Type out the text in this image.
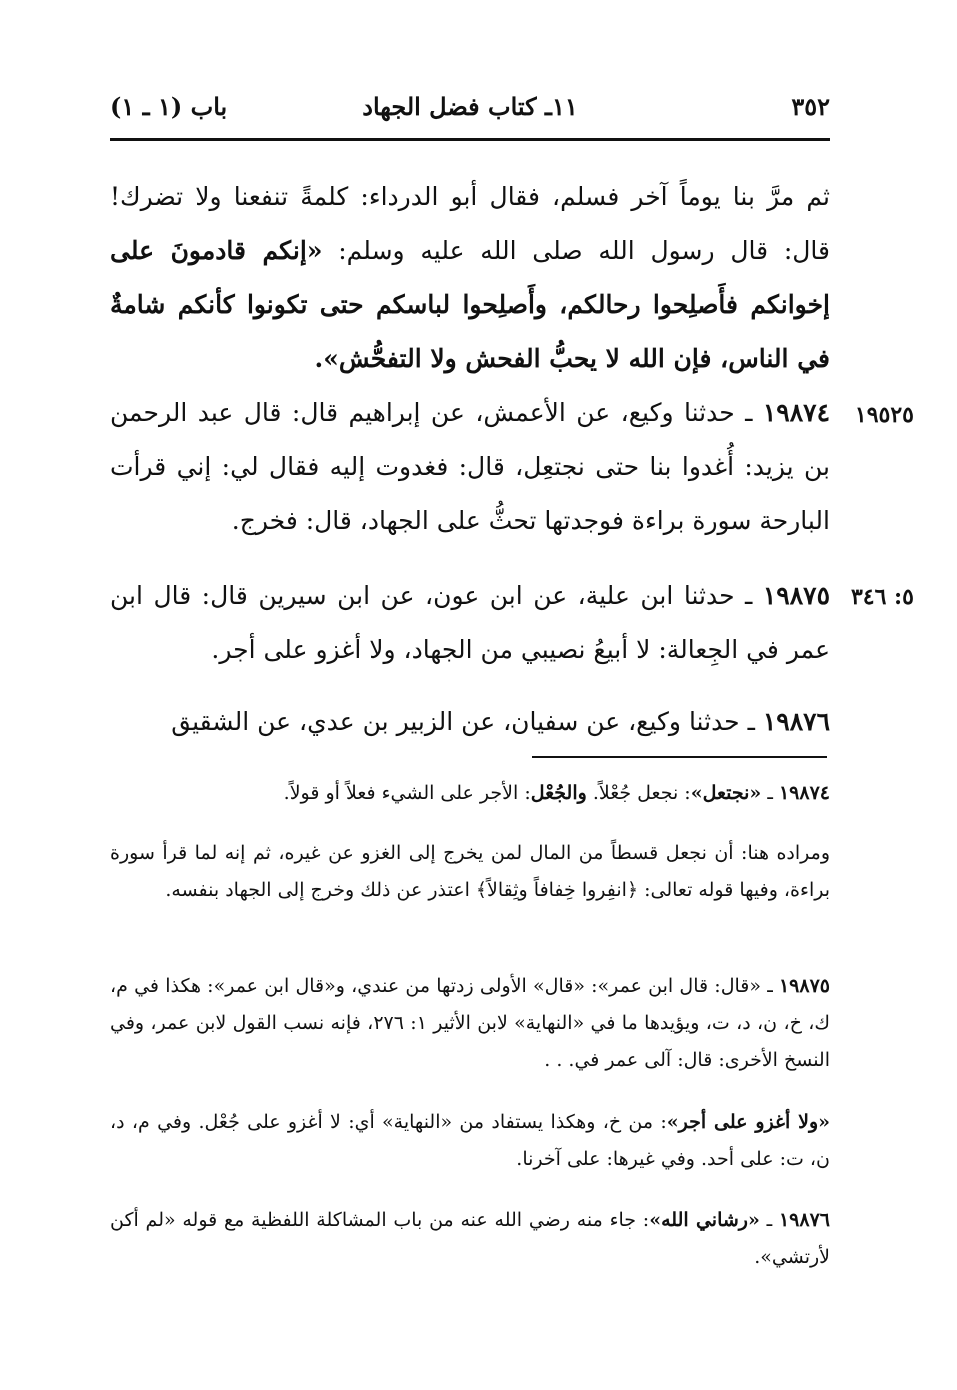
٣٥٢
١١ـ كتاب فضل الجهاد
باب (١ ـ ١)
ثم مرَّ بنا يوماً آخر فسلم، فقال أبو الدرداء: كلمةً تنفعنا ولا تضرك! قال: قال رسول الله صلى الله عليه وسلم: «إنكم قادمونَ على إخوانكم فأَصلِحوا رحالكم، وأَصلِحوا لباسكم حتى تكونوا كأنكم شامةٌ في الناس، فإن الله لا يحبُّ الفحش ولا التفحُّش».
١٩٥٢٥
١٩٨٧٤ ـ حدثنا وكيع، عن الأعمش، عن إبراهيم قال: قال عبد الرحمن بن يزيد: أُغدوا بنا حتى نجتعِل، قال: فغدوت إليه فقال لي: إني قرأت البارحة سورة براءة فوجدتها تحثُّ على الجهاد، قال: فخرج.
٥: ٣٤٦
١٩٨٧٥ ـ حدثنا ابن علية، عن ابن عون، عن ابن سيرين قال: قال ابن عمر في الجِعالة: لا أبيعُ نصيبي من الجهاد، ولا أغزو على أجر.
١٩٨٧٦ ـ حدثنا وكيع، عن سفيان، عن الزبير بن عدي، عن الشقيق
١٩٨٧٤ ـ «نجتعل»: نجعل جُعْلاً. والجُعْل: الأجر على الشيء فعلاً أو قولاً.
ومراده هنا: أن نجعل قسطاً من المال لمن يخرج إلى الغزو عن غيره، ثم إنه لما قرأ سورة براءة، وفيها قوله تعالى: ﴿انفِروا خِفافاً وثِقالاً﴾ اعتذر عن ذلك وخرج إلى الجهاد بنفسه.
١٩٨٧٥ ـ «قال: قال ابن عمر»: «قال» الأولى زدتها من عندي، و«قال ابن عمر»: هكذا في م، ك، خ، ن، د، ت، ويؤيدها ما في «النهاية» لابن الأثير ١: ٢٧٦، فإنه نسب القول لابن عمر، وفي النسخ الأخرى: قال: آلى عمر في. . .
«ولا أغزو على أجر»: من خ، وهكذا يستفاد من «النهاية» أي: لا أغزو على جُعْل. وفي م، د، ن، ت: على أحد. وفي غيرها: على آخرنا.
١٩٨٧٦ ـ «رشاني الله»: جاء منه رضي الله عنه من باب المشاكلة اللفظية مع قوله «لم أكن لأرتشي».
